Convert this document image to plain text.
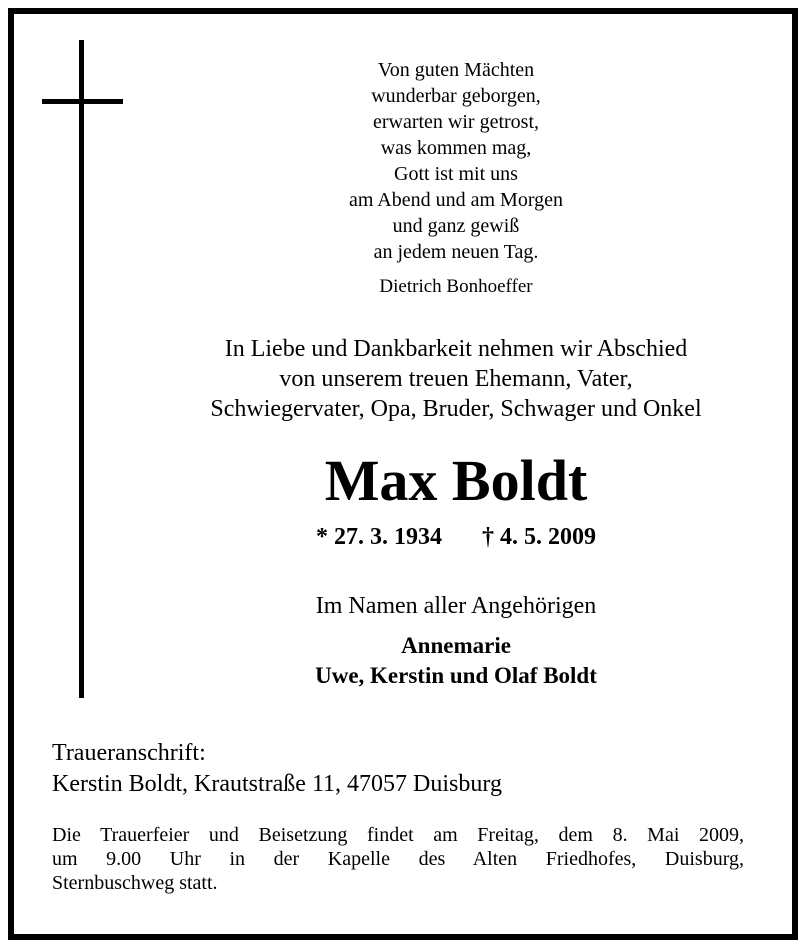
Von guten Mächten
wunderbar geborgen,
erwarten wir getrost,
was kommen mag,
Gott ist mit uns
am Abend und am Morgen
und ganz gewiß
an jedem neuen Tag.
Dietrich Bonhoeffer
In Liebe und Dankbarkeit nehmen wir Abschied
von unserem treuen Ehemann, Vater,
Schwiegervater, Opa, Bruder, Schwager und Onkel
Max Boldt
* 27. 3. 1934 † 4. 5. 2009
Im Namen aller Angehörigen
Annemarie
Uwe, Kerstin und Olaf Boldt
Traueranschrift:
Kerstin Boldt, Krautstraße 11, 47057 Duisburg
Die Trauerfeier und Beisetzung findet am Freitag, dem 8. Mai 2009,
um 9.00 Uhr in der Kapelle des Alten Friedhofes, Duisburg,
Sternbuschweg statt.
